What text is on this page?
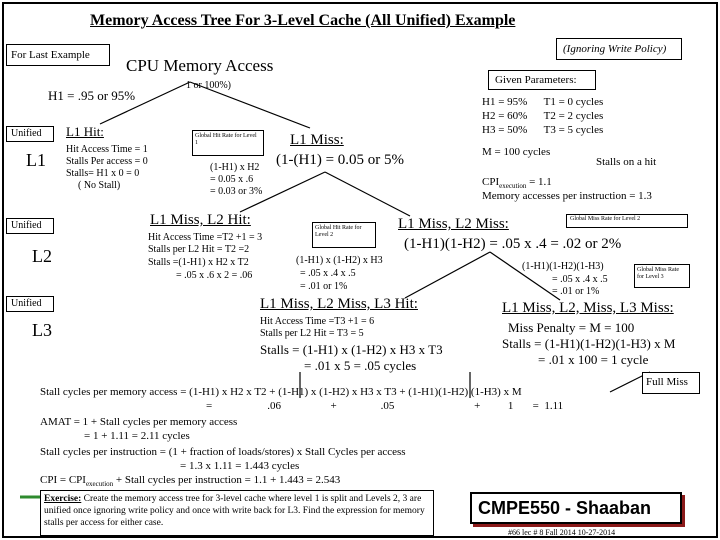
Memory Access Tree For 3-Level Cache (All Unified) Example
For Last Example	(Ignoring Write Policy)
CPU Memory Access
1 or 100%)
H1 = .95 or 95%
Given Parameters:
H1 = 95%      T1 = 0 cycles
H2 = 60%      T2 = 2 cycles
H3 = 50%      T3 = 5 cycles
M = 100 cycles
Stalls on a hit
$CPI_{execution} = 1.1$
Memory accesses per instruction = 1.3
Unified
L1
Unified
L2
Unified
L3
L1 Hit:
Hit Access Time = 1
Stalls Per access = 0
Stalls= H1 x 0 = 0
( No Stall)
Global Hit Rate for Level 1
(1-H1) x H2
= 0.05 x .6
= 0.03 or 3%
L1 Miss:
(1-(H1) = 0.05 or 5%
L1 Miss, L2 Hit:
Hit Access Time =T2 +1 = 3
Stalls per L2 Hit = T2 =2
Stalls =(1-H1) x H2 x T2
= .05 x .6 x 2 = .06
Global Hit Rate for Level 2
(1-H1) x (1-H2) x H3
= .05 x .4 x .5
= .01 or 1%
L1 Miss, L2 Miss:	Global Miss Rate for Level 2
(1-H1)(1-H2) = .05 x .4 = .02 or 2%
(1-H1)(1-H2)(1-H3)
= .05 x .4 x .5
= .01 or 1%
Global Miss Rate for Level 3
L1 Miss, L2 Miss, L3 Hit:
Hit Access Time =T3 +1 = 6
Stalls per L2 Hit = T3 = 5
Stalls = (1-H1) x (1-H2) x H3 x T3
= .01 x 5 = .05 cycles
L1 Miss, L2, Miss, L3 Miss:
Miss Penalty = M = 100
Stalls = (1-H1)(1-H2)(1-H3) x M
= .01 x 100 = 1 cycle
Full Miss
Stall cycles per memory access = (1-H1) x H2 x T2 + (1-H1) x (1-H2) x H3 x T3 + (1-H1)(1-H2) (1-H3) x M
=                    .06                  +                .05                             +          1       =  1.11
AMAT = 1 + Stall cycles per memory access
= 1 + 1.11 = 2.11 cycles
Stall cycles per instruction = (1 + fraction of loads/stores) x Stall Cycles per access
= 1.3 x 1.11 = 1.443 cycles
CPI = $CPI_{execution}$ + Stall cycles per instruction = 1.1 + 1.443 = 2.543
Exercise: Create the memory access tree for 3-level cache where level 1 is split and Levels 2, 3 are unified once ignoring write policy and once with write back for L3. Find the expression for memory stalls per access for either case.
CMPE550 - Shaaban
#66 lec # 8 Fall 2014 10-27-2014
